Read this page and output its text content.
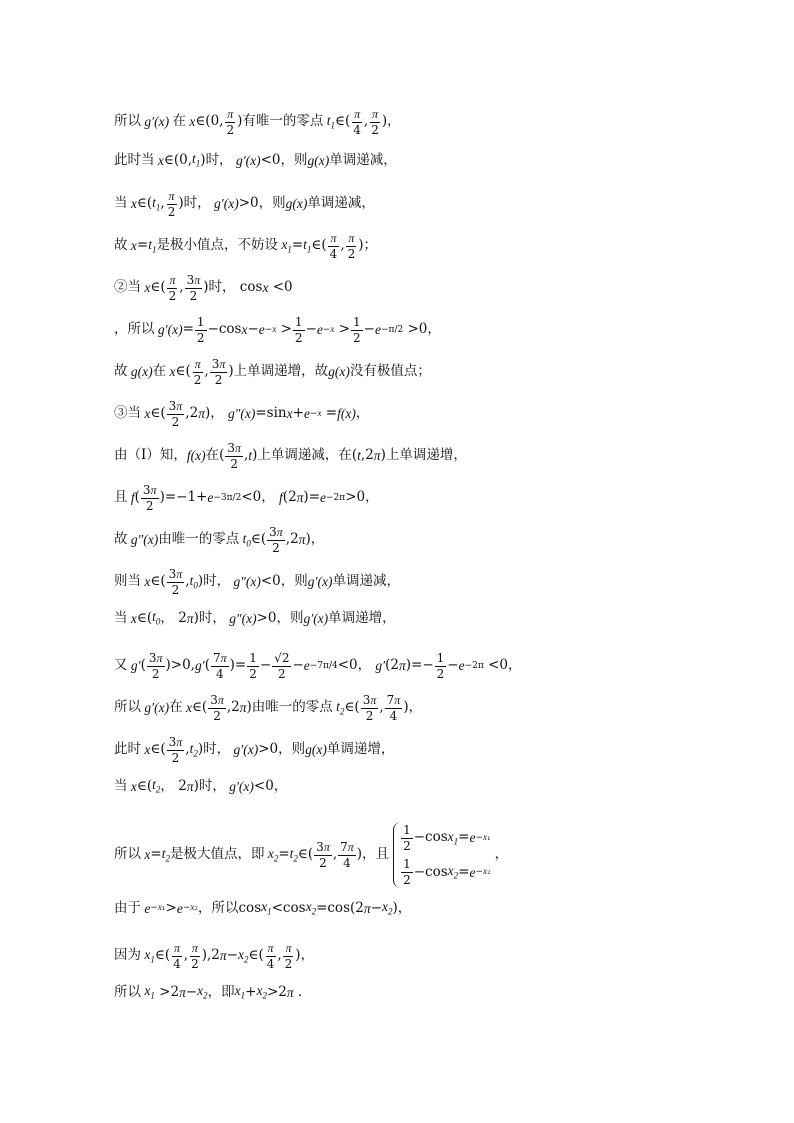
所以 g′(x) 在 x ∈(0, $\frac{\pi}{2}$ ) 有唯一的零点 $t_1$ ∈( $\frac{\pi}{4}$ , $\frac{\pi}{2}$ )，
此时当 x ∈(0, $t_1$ ) 时， g′(x) <0， 则 g(x) 单调递减，
当 x ∈( $t_1$ , $\frac{\pi}{2}$ ) 时， g′(x) >0， 则 g(x) 单调递减，
故 $x = t_1$ 是极小值点，不妨设 $x_1 = t_1$ ∈( $\frac{\pi}{4}$ , $\frac{\pi}{2}$ )；
②当 x ∈( $\frac{\pi}{2}$ , $\frac{3\pi}{2}$ ) 时， cos x <0
，所以 $g'(x) = \frac{1}{2} -\cos$ $x - e -x > \frac{1}{2} - e -x > \frac{1}{2} - e -\pi/2 >0$，
故 g(x) 在 x ∈( $\frac{\pi}{2}$ , $\frac{3\pi}{2}$ ) 上单调递增，故 g(x) 没有极值点；
③当 x ∈( $\frac{3\pi}{2} ,2$ π )， g″(x) =sin x + e −x = f(x) ，
由（Ⅰ）知， f(x) 在 ( $\frac{3\pi}{2}$ , t ) 上单调递减，在 ( t ,2 π ) 上单调递增，
且 f ( $\frac{3\pi}{2} )=-1+ e -3\pi/2 <0$， f (2 π )= e −2π >0，
故 g″(x) 由唯一的零点 $t_0$ ∈( $\frac{3\pi}{2} ,2$ π )，
则当 x ∈( $\frac{3\pi}{2}$ , $t_0$ ) 时， g″(x) <0， 则 g′(x) 单调递减，
当 x ∈( $t_0$ ， 2 π ) 时， g″(x) >0， 则 g′(x) 单调递增，
又 g′ ( $\frac{3\pi}{2} )>0$, g′ ( $\frac{7\pi}{4}$ )= $\frac{1}{2} - \frac{√2}{2} - e -7\pi/4 <0$， g′ (2 π )=− $\frac{1}{2} - e -2\pi <0$，
所以 g′(x) 在 x ∈( $\frac{3\pi}{2} ,2$ π ) 由唯一的零点 $t_2$ ∈( $\frac{3\pi}{2}$ , $\frac{7\pi}{4}$ )，
此时 x ∈( $\frac{3\pi}{2}$ , $t_2$ ) 时， g′(x) >0， 则 g(x) 单调递增，
当 x ∈( $t_2$ ， 2 π ) 时， g′(x) <0，
所以 $x = t_2$ 是极大值点，即 $x_2 = t_2$ ∈( $\frac{3\pi}{2}$ , $\frac{7\pi}{4}$ )， 且
$\frac{1}{2} -\cos$ $x_1 = e -x_1$
$\frac{1}{2} -\cos$ $x_2 = e -x_2$
，
由于 e −x₁ > e −x₂ ， 所以 $\cos x_1 <\cos$ $x_2 =\cos(2$ $\pi - x_2$ )，
因为 $x_1$ ∈( $\frac{\pi}{4}$ , $\frac{\pi}{2} ),2$ $\pi - x_2$ ∈( $\frac{\pi}{4}$ , $\frac{\pi}{2}$ )，
所以 $x_1 >2$ $\pi - x_2$ ， 即 $x_1 + x_2 >2$ π .
